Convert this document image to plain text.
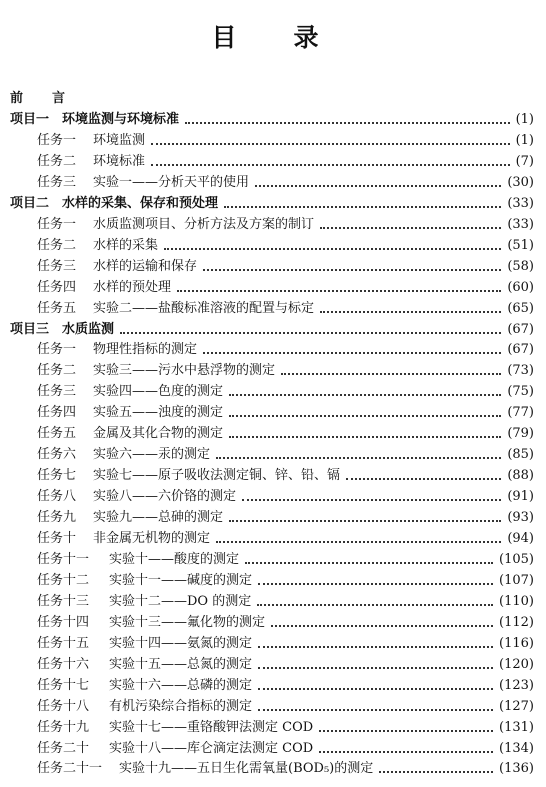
目　录
前　言
项目一 环境监测与环境标准	(1)
任务一	环境监测	(1)
任务二	环境标准	(7)
任务三	实验一——分析天平的使用	(30)
项目二 水样的采集、保存和预处理	(33)
任务一	水质监测项目、分析方法及方案的制订	(33)
任务二	水样的采集	(51)
任务三	水样的运输和保存	(58)
任务四	水样的预处理	(60)
任务五	实验二——盐酸标准溶液的配置与标定	(65)
项目三 水质监测	(67)
任务一	物理性指标的测定	(67)
任务二	实验三——污水中悬浮物的测定	(73)
任务三	实验四——色度的测定	(75)
任务四	实验五——浊度的测定	(77)
任务五	金属及其化合物的测定	(79)
任务六	实验六——汞的测定	(85)
任务七	实验七——原子吸收法测定铜、锌、铅、镉	(88)
任务八	实验八——六价铬的测定	(91)
任务九	实验九——总砷的测定	(93)
任务十	非金属无机物的测定	(94)
任务十一	实验十——酸度的测定	(105)
任务十二	实验十一——碱度的测定	(107)
任务十三	实验十二——DO 的测定	(110)
任务十四	实验十三——氟化物的测定	(112)
任务十五	实验十四——氨氮的测定	(116)
任务十六	实验十五——总氮的测定	(120)
任务十七	实验十六——总磷的测定	(123)
任务十八	有机污染综合指标的测定	(127)
任务十九	实验十七——重铬酸钾法测定 COD	(131)
任务二十	实验十八——库仑滴定法测定 COD	(134)
任务二十一	实验十九——五日生化需氧量(BOD₅)的测定	(136)
